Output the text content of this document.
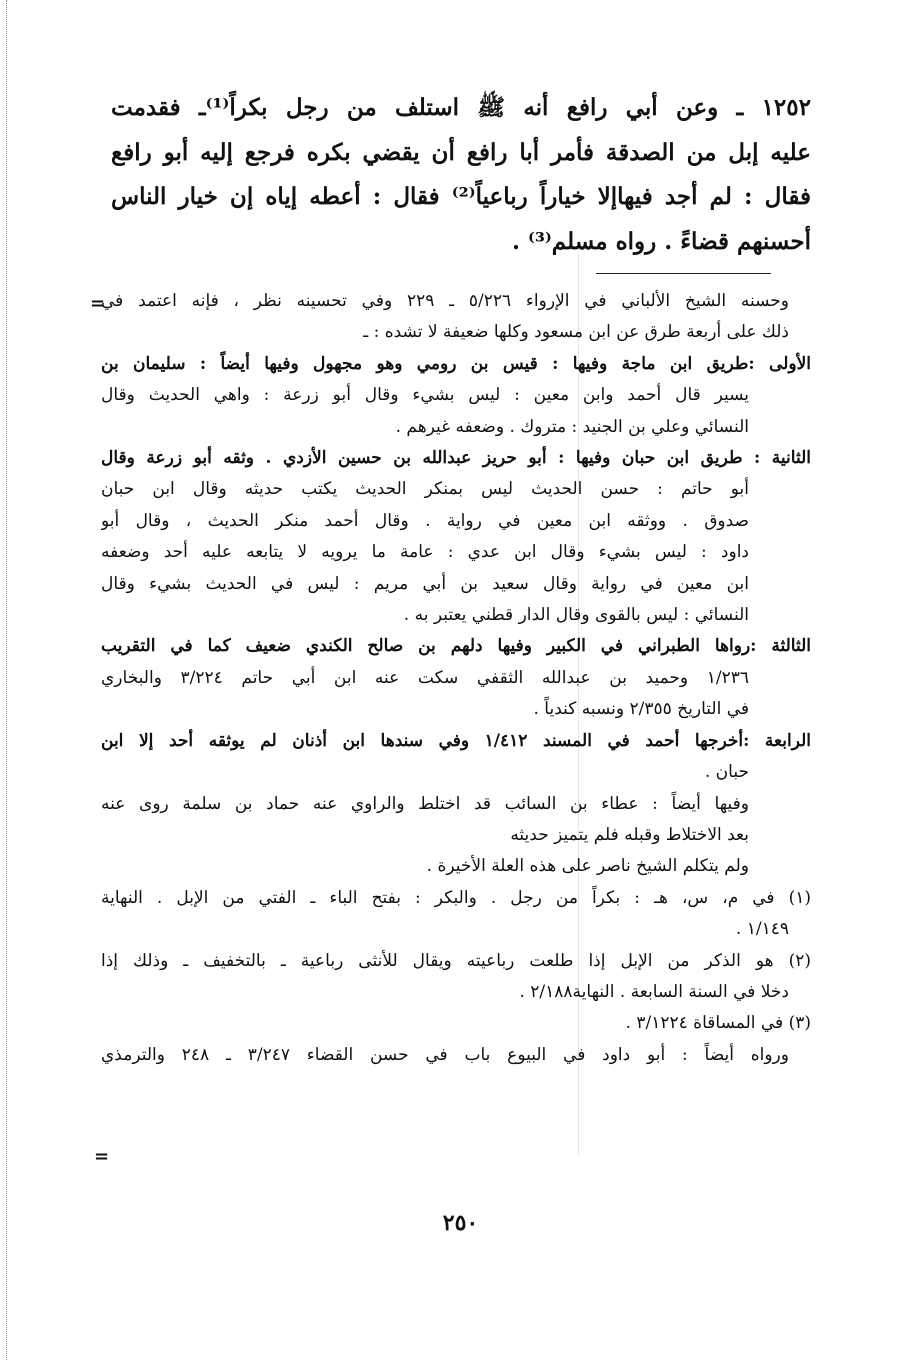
١٢٥٢ ـ وعن أبي رافع أنه ﷺ استلف من رجل بكراً⁽¹⁾ـ فقدمت
عليه إبل من الصدقة فأمر أبا رافع أن يقضي بكره فرجع إليه أبو رافع
فقال : لم أجد فيهاإلا خياراً رباعياً⁽²⁾ فقال : أعطه إياه إن خيار الناس
أحسنهم قضاءً . رواه مسلم⁽³⁾ .
=
وحسنه الشيخ الألباني في الإرواء ٥/٢٢٦ ـ ٢٢٩ وفي تحسينه نظر ، فإنه اعتمد في
ذلك على أربعة طرق عن ابن مسعود وكلها ضعيفة لا تشده : ـ
الأولى :طريق ابن ماجة وفيها : قيس بن رومي وهو مجهول وفيها أيضاً : سليمان بن
يسير قال أحمد وابن معين : ليس بشيء وقال أبو زرعة : واهي الحديث وقال
النسائي وعلي بن الجنيد : متروك . وضعفه غيرهم .
الثانية : طريق ابن حبان وفيها : أبو حريز عبدالله بن حسين الأزدي . وثقه أبو زرعة وقال
أبو حاتم : حسن الحديث ليس بمنكر الحديث يكتب حديثه وقال ابن حبان
صدوق . ووثقه ابن معين في رواية . وقال أحمد منكر الحديث ، وقال أبو
داود : ليس بشيء وقال ابن عدي : عامة ما يرويه لا يتابعه عليه أحد وضعفه
ابن معين في رواية وقال سعيد بن أبي مريم : ليس في الحديث بشيء وقال
النسائي : ليس بالقوى وقال الدار قطني يعتبر به .
الثالثة :رواها الطبراني في الكبير وفيها دلهم بن صالح الكندي ضعيف كما في التقريب
١/٢٣٦ وحميد بن عبدالله الثقفي سكت عنه ابن أبي حاتم ٣/٢٢٤ والبخاري
في التاريخ ٢/٣٥٥ ونسبه كندياً .
الرابعة :أخرجها أحمد في المسند ١/٤١٢ وفي سندها ابن أذنان لم يوثقه أحد إلا ابن
حبان .
وفيها أيضاً : عطاء بن السائب قد اختلط والراوي عنه حماد بن سلمة روى عنه
بعد الاختلاط وقبله فلم يتميز حديثه
ولم يتكلم الشيخ ناصر على هذه العلة الأخيرة .
(١) في م، س، هـ : بكراً من رجل . والبكر : بفتح الباء ـ الفتي من الإبل . النهاية
١/١٤٩ .
(٢) هو الذكر من الإبل إذا طلعت رباعيته ويقال للأنثى رباعية ـ بالتخفيف ـ وذلك إذا
دخلا في السنة السابعة . النهاية٢/١٨٨ .
(٣) في المساقاة ٣/١٢٢٤ .
ورواه أيضاً : أبو داود في البيوع باب في حسن القضاء ٣/٢٤٧ ـ ٢٤٨ والترمذي
=
٢٥٠
